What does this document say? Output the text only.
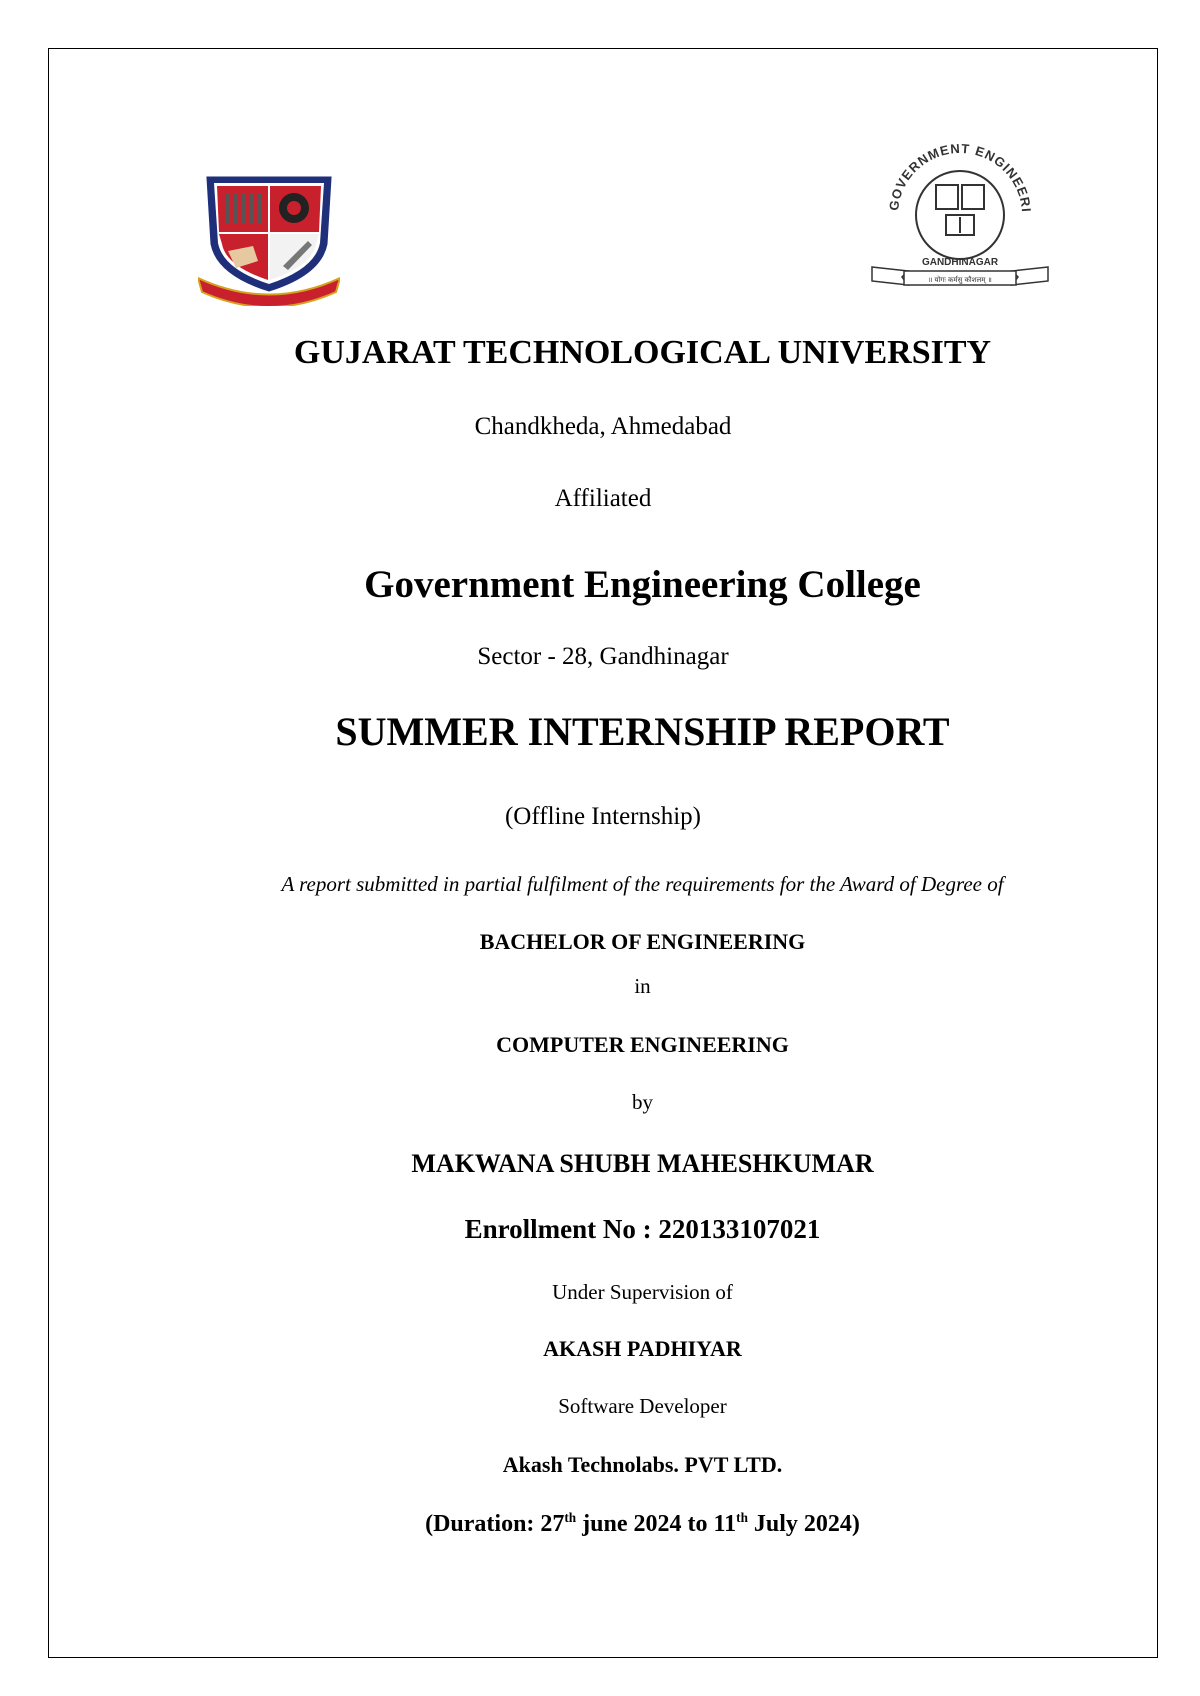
GOVERNMENT ENGINEERI
GANDHINAGAR
॥ योगः कर्मसु कौशलम् ॥
GUJARAT TECHNOLOGICAL UNIVERSITY
Chandkheda, Ahmedabad
Affiliated
Government Engineering College
Sector - 28, Gandhinagar
SUMMER INTERNSHIP REPORT
(Offline Internship)
A report submitted in partial fulfilment of the requirements for the Award of Degree of
BACHELOR OF ENGINEERING
in
COMPUTER ENGINEERING
by
MAKWANA SHUBH MAHESHKUMAR
Enrollment No : 220133107021
Under Supervision of
AKASH PADHIYAR
Software Developer
Akash Technolabs. PVT LTD.
(Duration: 27th june 2024 to 11th July 2024)
